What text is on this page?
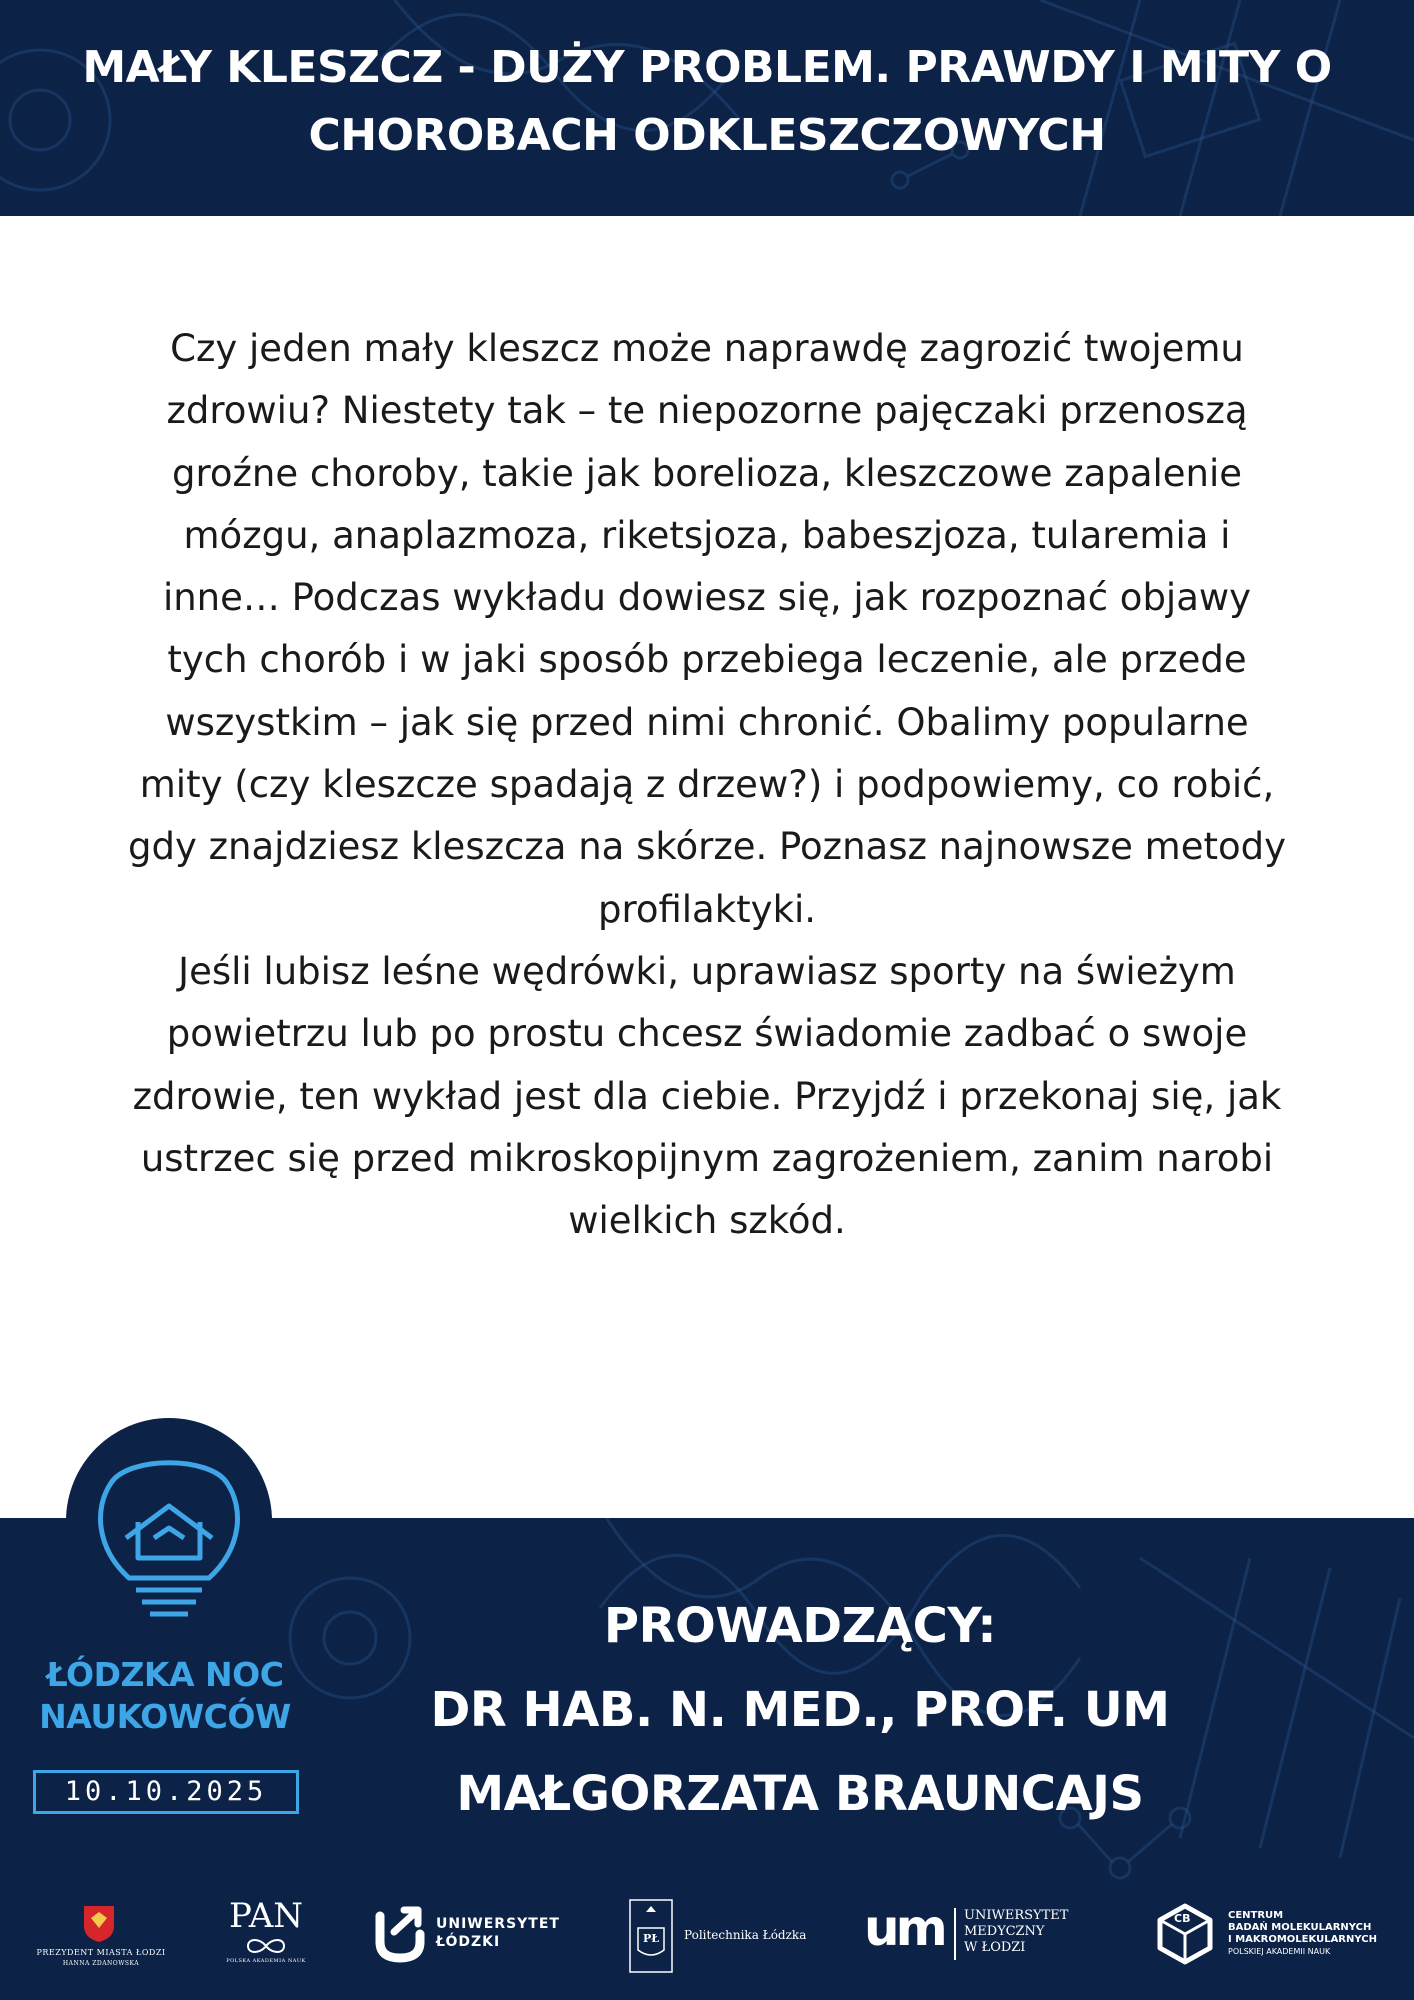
MAŁY KLESZCZ - DUŻY PROBLEM. PRAWDY I MITY O
CHOROBACH ODKLESZCZOWYCH

Czy jeden mały kleszcz może naprawdę zagrozić twojemu zdrowiu? Niestety tak – te niepozorne pajęczaki przenoszą groźne choroby, takie jak borelioza, kleszczowe zapalenie mózgu, anaplazmoza, riketsjoza, babeszjoza, tularemia i inne… Podczas wykładu dowiesz się, jak rozpoznać objawy tych chorób i w jaki sposób przebiega leczenie, ale przede wszystkim – jak się przed nimi chronić. Obalimy popularne mity (czy kleszcze spadają z drzew?) i podpowiemy, co robić, gdy znajdziesz kleszcza na skórze. Poznasz najnowsze metody profilaktyki.

Jeśli lubisz leśne wędrówki, uprawiasz sporty na świeżym powietrzu lub po prostu chcesz świadomie zadbać o swoje zdrowie, ten wykład jest dla ciebie. Przyjdź i przekonaj się, jak ustrzec się przed mikroskopijnym zagrożeniem, zanim narobi wielkich szkód.

ŁÓDZKA NOC
NAUKOWCÓW
10.10.2025
PROWADZĄCY:
DR HAB. N. MED., PROF. UM
MAŁGORZATA BRAUNCAJS
PREZYDENT MIASTA ŁODZI
HANNA ZDANOWSKA
PAN
POLSKA AKADEMIA NAUK
UNIWERSYTET
ŁÓDZKI	PŁ	Politechnika Łódzka um UNIWERSYTET
MEDYCZNY
W ŁODZI
CB	CENTRUM
BADAŃ MOLEKULARNYCH
I MAKROMOLEKULARNYCH
POLSKIEJ AKADEMII NAUK
